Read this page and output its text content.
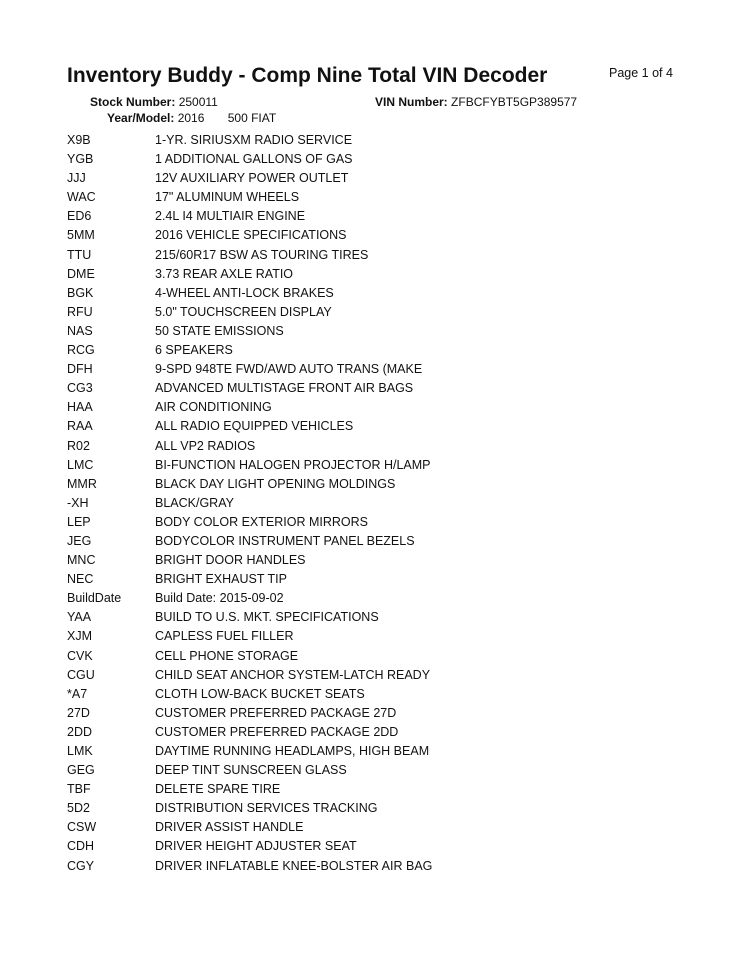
Inventory Buddy - Comp Nine Total VIN Decoder	Page 1 of 4
Stock Number: 250011	VIN Number: ZFBCFYBT5GP389577
Year/Model: 2016 500 FIAT
X9B	1-YR. SIRIUSXM RADIO SERVICE
YGB	1 ADDITIONAL GALLONS OF GAS
JJJ	12V AUXILIARY POWER OUTLET
WAC	17" ALUMINUM WHEELS
ED6	2.4L I4 MULTIAIR ENGINE
5MM	2016 VEHICLE SPECIFICATIONS
TTU	215/60R17 BSW AS TOURING TIRES
DME	3.73 REAR AXLE RATIO
BGK	4-WHEEL ANTI-LOCK BRAKES
RFU	5.0" TOUCHSCREEN DISPLAY
NAS	50 STATE EMISSIONS
RCG	6 SPEAKERS
DFH	9-SPD 948TE FWD/AWD AUTO TRANS (MAKE
CG3	ADVANCED MULTISTAGE FRONT AIR BAGS
HAA	AIR CONDITIONING
RAA	ALL RADIO EQUIPPED VEHICLES
R02	ALL VP2 RADIOS
LMC	BI-FUNCTION HALOGEN PROJECTOR H/LAMP
MMR	BLACK DAY LIGHT OPENING MOLDINGS
-XH	BLACK/GRAY
LEP	BODY COLOR EXTERIOR MIRRORS
JEG	BODYCOLOR INSTRUMENT PANEL BEZELS
MNC	BRIGHT DOOR HANDLES
NEC	BRIGHT EXHAUST TIP
BuildDate	Build Date: 2015-09-02
YAA	BUILD TO U.S. MKT. SPECIFICATIONS
XJM	CAPLESS FUEL FILLER
CVK	CELL PHONE STORAGE
CGU	CHILD SEAT ANCHOR SYSTEM-LATCH READY
*A7	CLOTH LOW-BACK BUCKET SEATS
27D	CUSTOMER PREFERRED PACKAGE 27D
2DD	CUSTOMER PREFERRED PACKAGE 2DD
LMK	DAYTIME RUNNING HEADLAMPS, HIGH BEAM
GEG	DEEP TINT SUNSCREEN GLASS
TBF	DELETE SPARE TIRE
5D2	DISTRIBUTION SERVICES TRACKING
CSW	DRIVER ASSIST HANDLE
CDH	DRIVER HEIGHT ADJUSTER SEAT
CGY	DRIVER INFLATABLE KNEE-BOLSTER AIR BAG
